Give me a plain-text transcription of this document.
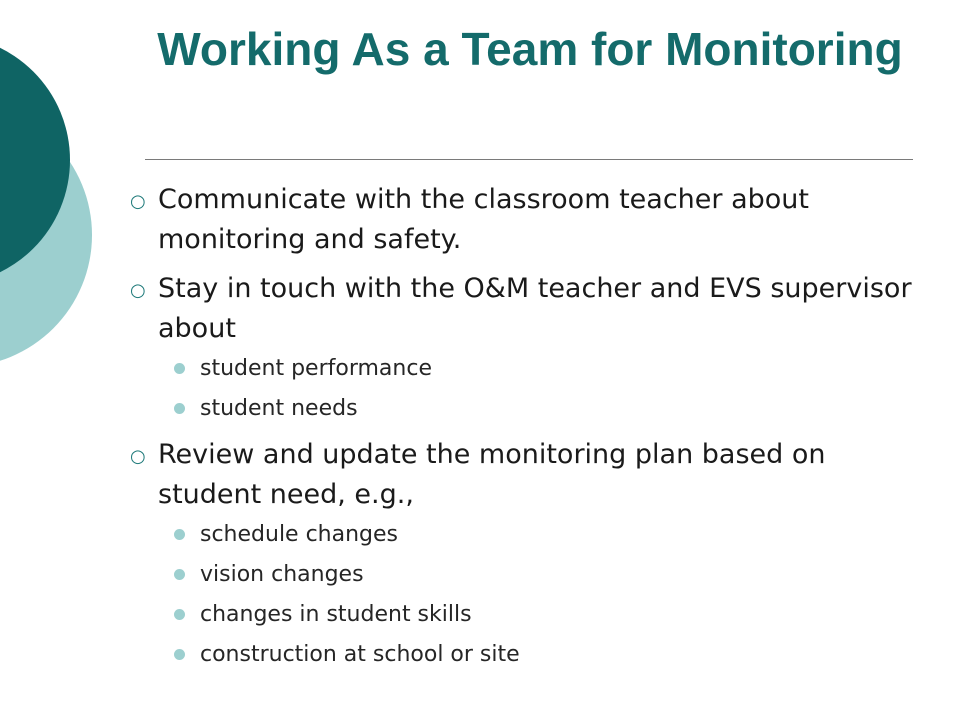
Working As a Team for Monitoring
○ Communicate with the classroom teacher about monitoring and safety.
○ Stay in touch with the O&M teacher and EVS supervisor about
student performance
student needs
○ Review and update the monitoring plan based on student need, e.g.,
schedule changes
vision changes
changes in student skills
construction at school or site
